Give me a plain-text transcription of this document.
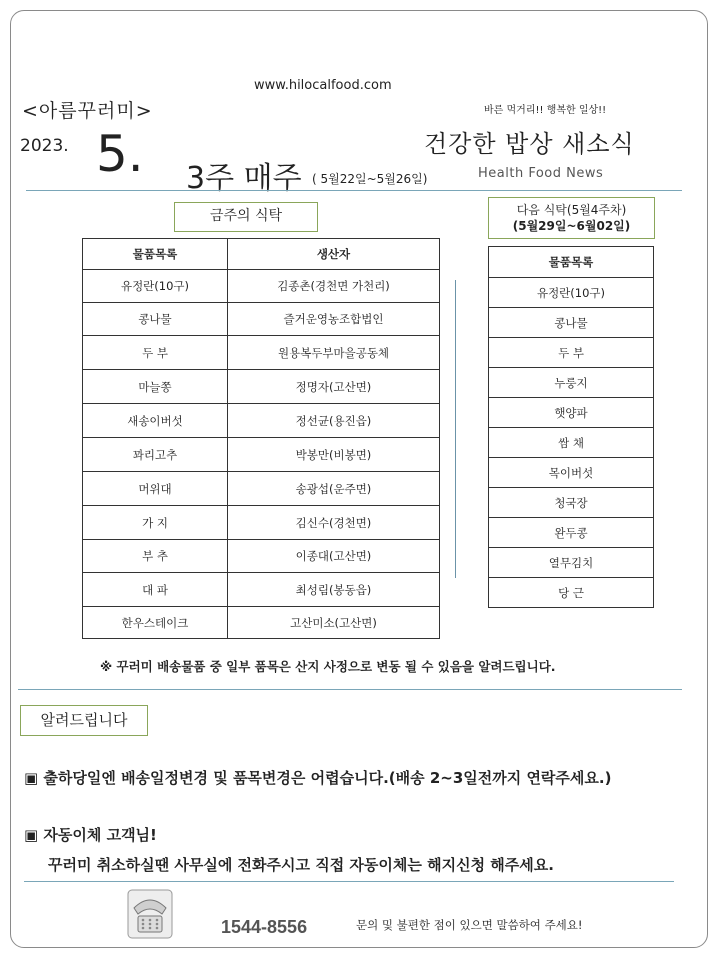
www.hilocalfood.com
<아름꾸러미>
2023. 5.
바른 먹거리!! 행복한 일상!!
건강한 밥상 새소식
3주 매주 ( 5월22일~5월26일)	Health Food News
금주의 식탁
물품목록	생산자
유정란(10구)	김종촌(경천면 가천리)
콩나물	즐거운영농조합법인
두 부	원용복두부마을공동체
마늘쫑	정명자(고산면)
새송이버섯	정선균(용진읍)
꽈리고추	박봉만(비봉면)
머위대	송광섭(운주면)
가 지	김신수(경천면)
부 추	이종대(고산면)
대 파	최성림(봉동읍)
한우스테이크	고산미소(고산면)
다음 식탁(5월4주차)
(5월29일~6월02일)
물품목록
유정란(10구)
콩나물
두 부
누룽지
햇양파
쌈 채
목이버섯
청국장
완두콩
열무김치
당 근
※ 꾸러미 배송물품 중 일부 품목은 산지 사정으로 변동 될 수 있음을 알려드립니다.
알려드립니다
▣ 출하당일엔 배송일정변경 및 품목변경은 어렵습니다.(배송 2~3일전까지 연락주세요.)
▣ 자동이체 고객님!
꾸러미 취소하실땐 사무실에 전화주시고 직접 자동이체는 해지신청 해주세요.
1544-8556	문의 및 불편한 점이 있으면 말씀하여 주세요!
